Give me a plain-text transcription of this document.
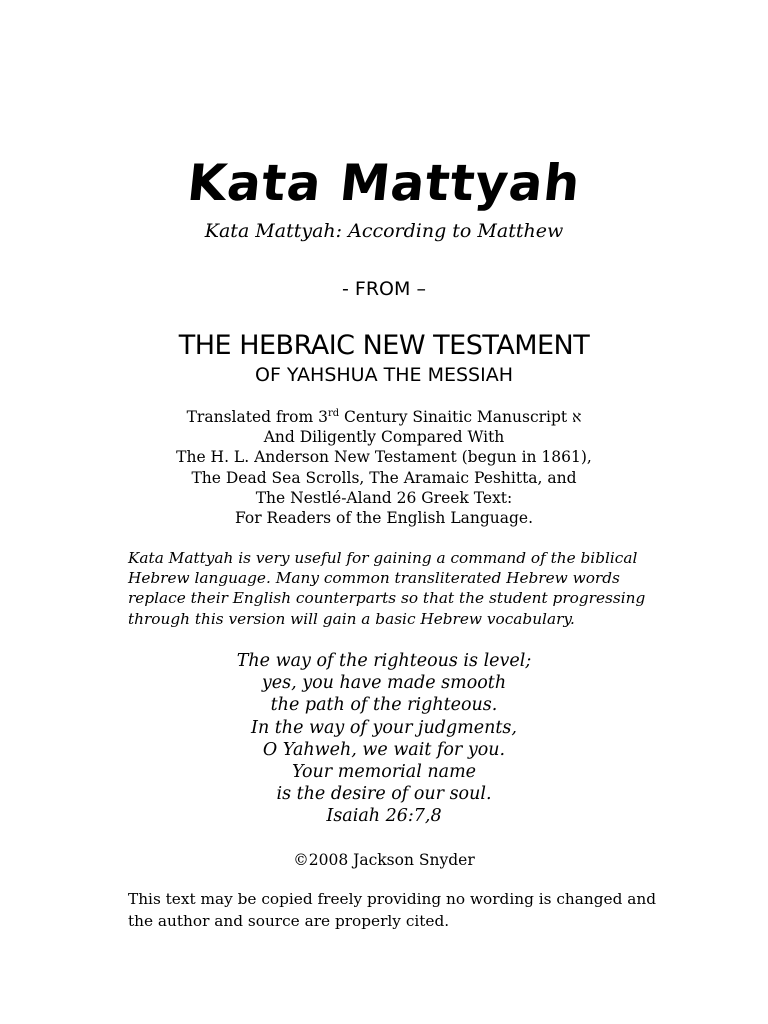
Kata Mattyah
Kata Mattyah: According to Matthew
- FROM –
THE HEBRAIC NEW TESTAMENT
OF YAHSHUA THE MESSIAH
Translated from 3rd Century Sinaitic Manuscript א
And Diligently Compared With
The H. L. Anderson New Testament (begun in 1861),
The Dead Sea Scrolls, The Aramaic Peshitta, and
The Nestlé-Aland 26 Greek Text:
For Readers of the English Language.
Kata Mattyah is very useful for gaining a command of the biblical
Hebrew language. Many common transliterated Hebrew words
replace their English counterparts so that the student progressing
through this version will gain a basic Hebrew vocabulary.
The way of the righteous is level;
yes, you have made smooth
the path of the righteous.
In the way of your judgments,
O Yahweh, we wait for you.
Your memorial name
is the desire of our soul.
Isaiah 26:7,8
©2008 Jackson Snyder
This text may be copied freely providing no wording is changed and
the author and source are properly cited.
